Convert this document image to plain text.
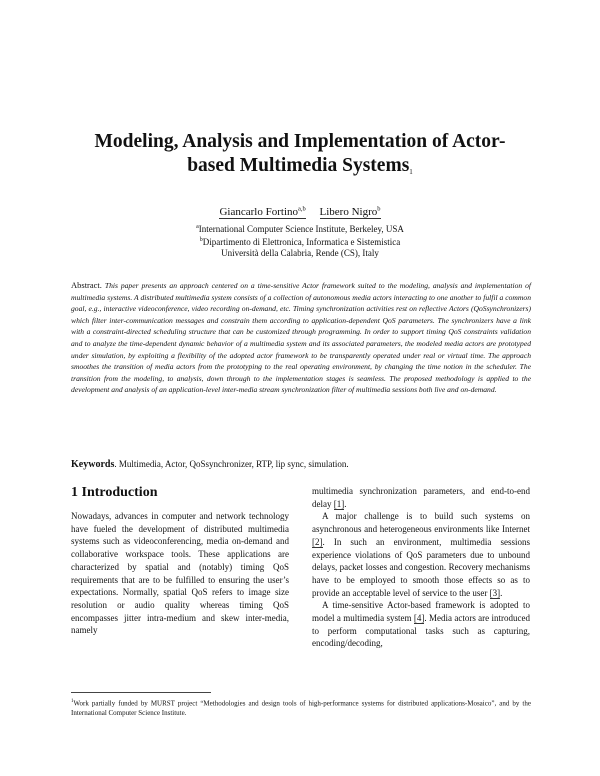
Modeling, Analysis and Implementation of Actor-
based Multimedia Systems$^1$
Giancarlo Fortino$^{a,b}$ Libero Nigro$^b$
$^a$International Computer Science Institute, Berkeley, USA
$^b$Dipartimento di Elettronica, Informatica e Sistemistica
Università della Calabria, Rende (CS), Italy
Abstract. This paper presents an approach centered on a time-sensitive Actor framework suited to the modeling, analysis and implementation of multimedia systems. A distributed multimedia system consists of a collection of autonomous media actors interacting to one another to fulfil a common goal, e.g., interactive videoconference, video recording on-demand, etc. Timing synchronization activities rest on reflective Actors (QoSsynchronizers) which filter inter-communication messages and constrain them according to application-dependent QoS parameters. The synchronizers have a link with a constraint-directed scheduling structure that can be customized through programming. In order to support timing QoS constraints validation and to analyze the time-dependent dynamic behavior of a multimedia system and its associated parameters, the modeled media actors are prototyped under simulation, by exploiting a flexibility of the adopted actor framework to be transparently operated under real or virtual time. The approach smoothes the transition of media actors from the prototyping to the real operating environment, by changing the time notion in the scheduler. The transition from the modeling, to analysis, down through to the implementation stages is seamless. The proposed methodology is applied to the development and analysis of an application-level inter-media stream synchronization filter of multimedia sessions both live and on-demand.
Keywords. Multimedia, Actor, QoSsynchronizer, RTP, lip sync, simulation.
1 Introduction

Nowadays, advances in computer and network technology have fueled the development of distributed multimedia systems such as videoconferencing, media on-demand and collaborative workspace tools. These applications are characterized by spatial and (notably) timing QoS requirements that are to be fulfilled to ensuring the user’s expectations. Normally, spatial QoS refers to image size resolution or audio quality whereas timing QoS encompasses jitter intra-medium and skew inter-media, namely

multimedia synchronization parameters, and end-to-end delay [1].

A major challenge is to build such systems on asynchronous and heterogeneous environments like Internet [2]. In such an environment, multimedia sessions experience violations of QoS parameters due to unbound delays, packet losses and congestion. Recovery mechanisms have to be employed to smooth those effects so as to provide an acceptable level of service to the user [3].

A time-sensitive Actor-based framework is adopted to model a multimedia system [4]. Media actors are introduced to perform computational tasks such as capturing, encoding/decoding,

$^1$Work partially funded by MURST project “Methodologies and design tools of high-performance systems for distributed applications-Mosaico”, and by the International Computer Science Institute.
